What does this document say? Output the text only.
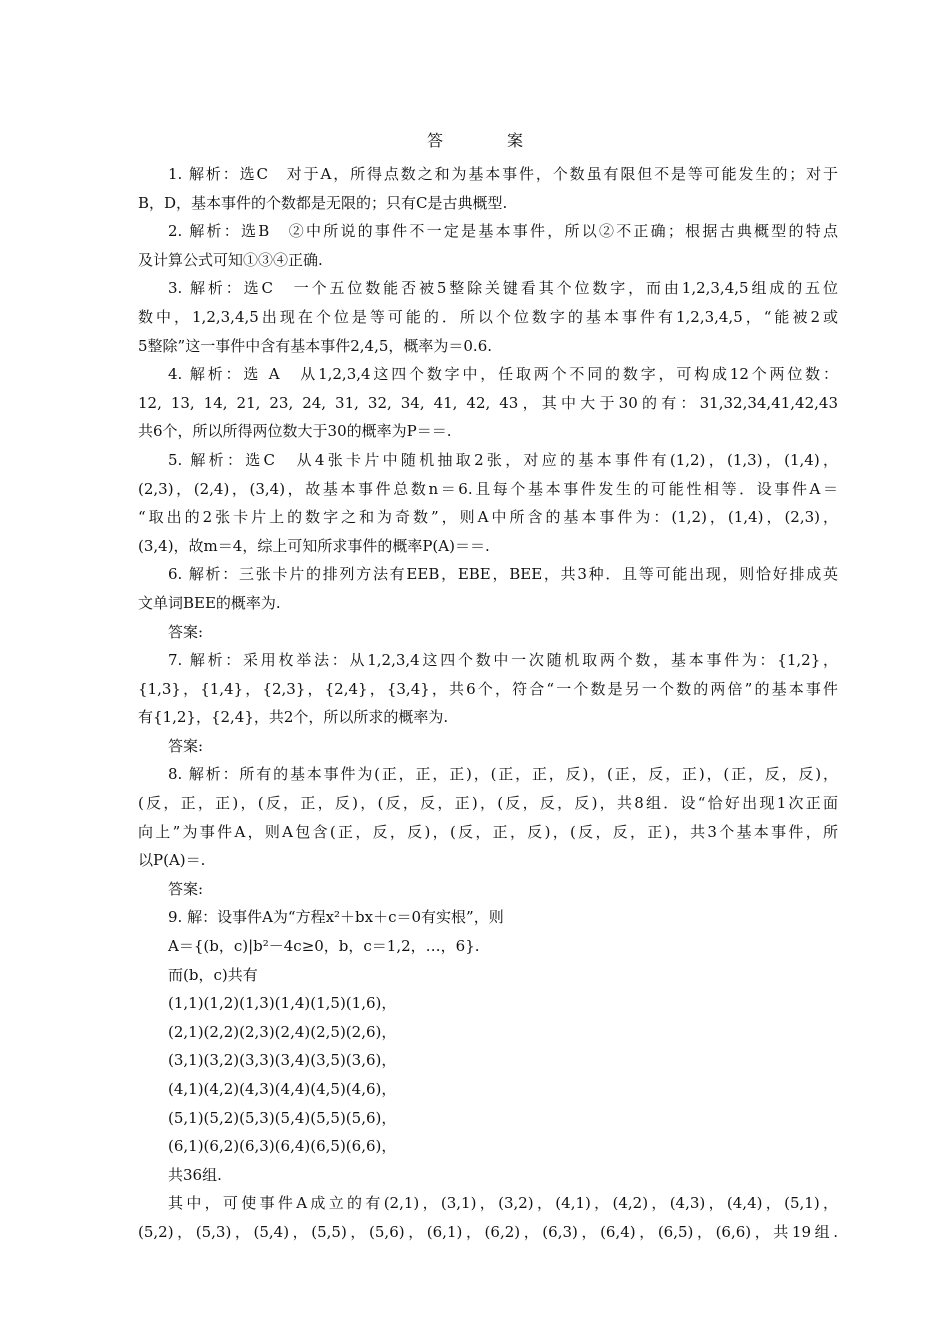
答　案
1. 解析：选C　对于A，所得点数之和为基本事件，个数虽有限但不是等可能发生的；对于
B，D，基本事件的个数都是无限的；只有C是古典概型.
2. 解析：选B　②中所说的事件不一定是基本事件，所以②不正确；根据古典概型的特点
及计算公式可知①③④正确.
3. 解析：选C　一个五位数能否被5整除关键看其个位数字，而由1,2,3,4,5组成的五位
数中，1,2,3,4,5出现在个位是等可能的．所以个位数字的基本事件有1,2,3,4,5，“能被2或
5整除”这一事件中含有基本事件2,4,5，概率为＝0.6.
4. 解析：选 A　从1,2,3,4这四个数字中，任取两个不同的数字，可构成12个两位数：
12, 13, 14, 21, 23, 24, 31, 32, 34, 41, 42, 43，其中大于30的有：31,32,34,41,42,43
共6个，所以所得两位数大于30的概率为P＝＝.
5. 解析：选C　从4张卡片中随机抽取2张，对应的基本事件有(1,2)，(1,3)，(1,4)，
(2,3)，(2,4)，(3,4)，故基本事件总数n＝6.且每个基本事件发生的可能性相等．设事件A＝
“取出的2张卡片上的数字之和为奇数”，则A中所含的基本事件为：(1,2)，(1,4)，(2,3)，
(3,4)，故m＝4，综上可知所求事件的概率P(A)＝＝.
6. 解析：三张卡片的排列方法有EEB，EBE，BEE，共3种．且等可能出现，则恰好排成英
文单词BEE的概率为.
答案:
7. 解析：采用枚举法：从1,2,3,4这四个数中一次随机取两个数，基本事件为：{1,2}，
{1,3}，{1,4}，{2,3}，{2,4}，{3,4}，共6个，符合“一个数是另一个数的两倍”的基本事件
有{1,2}，{2,4}，共2个，所以所求的概率为.
答案:
8. 解析：所有的基本事件为(正，正，正)，(正，正，反)，(正，反，正)，(正，反，反)，
(反，正，正)，(反，正，反)，(反，反，正)，(反，反，反)，共8组．设“恰好出现1次正面
向上”为事件A，则A包含(正，反，反)，(反，正，反)，(反，反，正)，共3个基本事件，所
以P(A)＝.
答案:
9. 解：设事件A为“方程x²＋bx＋c＝0有实根”，则
A＝{(b，c)|b²－4c≥0，b，c＝1,2，…，6}.
而(b，c)共有
(1,1)(1,2)(1,3)(1,4)(1,5)(1,6)，
(2,1)(2,2)(2,3)(2,4)(2,5)(2,6)，
(3,1)(3,2)(3,3)(3,4)(3,5)(3,6)，
(4,1)(4,2)(4,3)(4,4)(4,5)(4,6)，
(5,1)(5,2)(5,3)(5,4)(5,5)(5,6)，
(6,1)(6,2)(6,3)(6,4)(6,5)(6,6)，
共36组.
其中，可使事件A成立的有(2,1)，(3,1)，(3,2)，(4,1)，(4,2)，(4,3)，(4,4)，(5,1)，
(5,2)，(5,3)，(5,4)，(5,5)，(5,6)，(6,1)，(6,2)，(6,3)，(6,4)，(6,5)，(6,6)，共19组.
